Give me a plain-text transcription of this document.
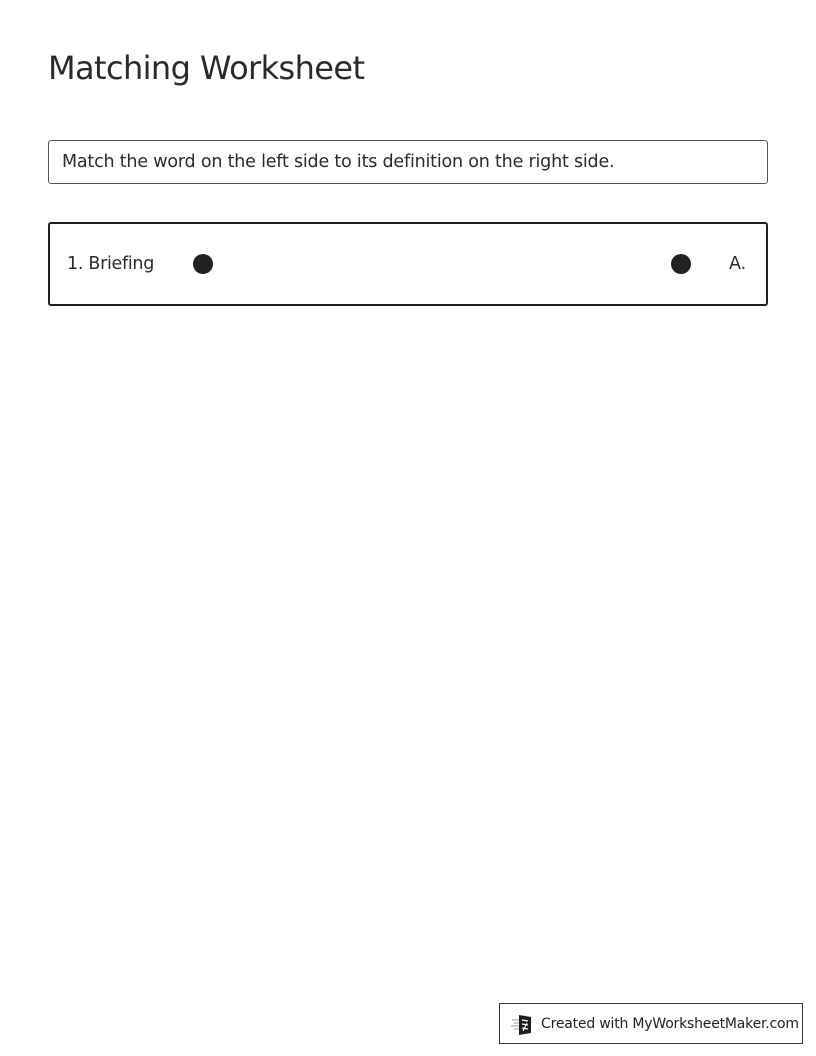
Matching Worksheet
Match the word on the left side to its definition on the right side.
1. Briefing	A.
Created with MyWorksheetMaker.com
